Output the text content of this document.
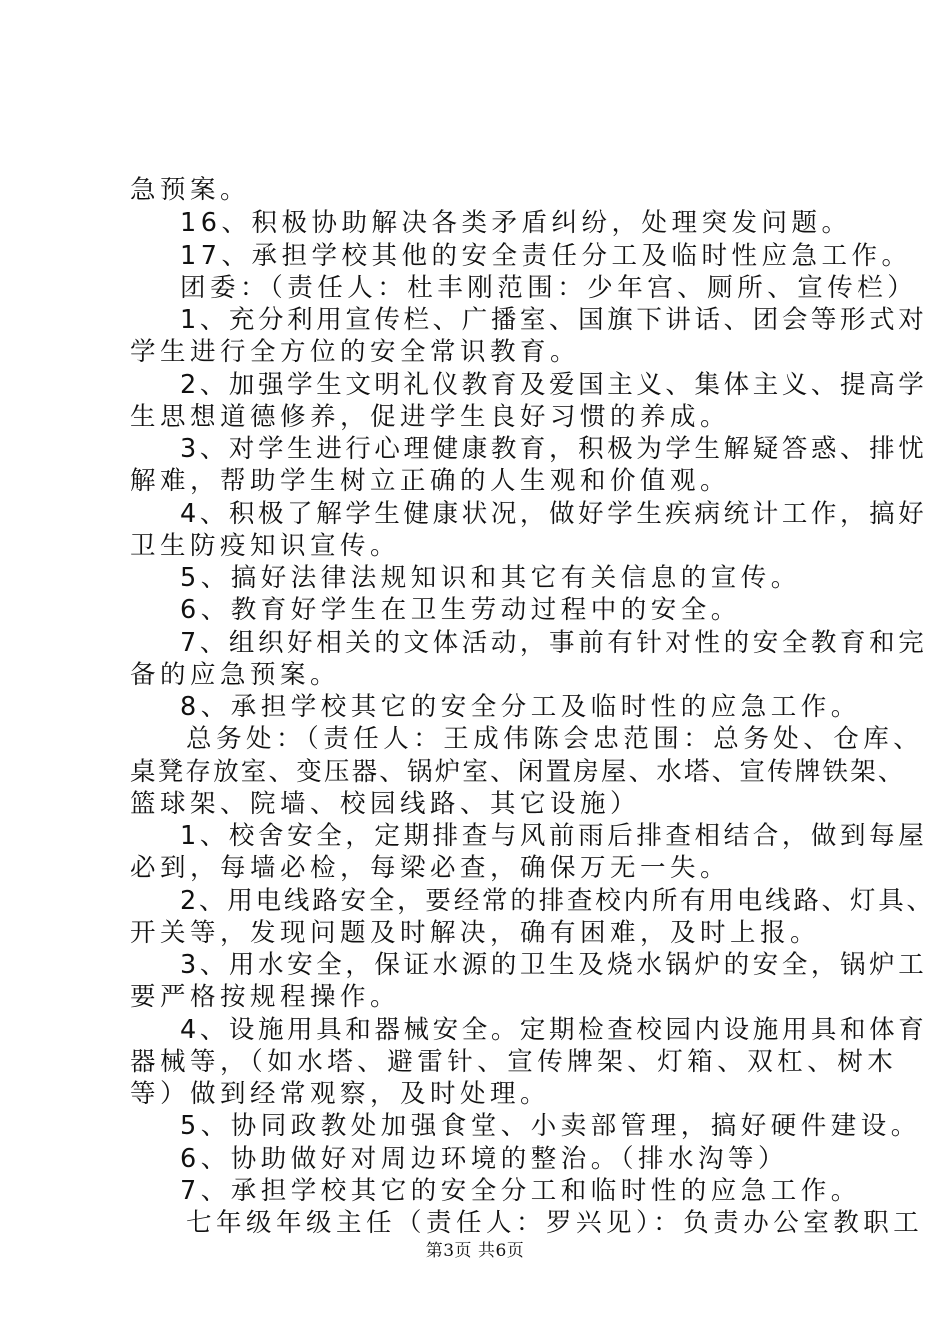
急预案。
16、积极协助解决各类矛盾纠纷，处理突发问题。
17、承担学校其他的安全责任分工及临时性应急工作。
团委：（责任人：杜丰刚范围：少年宫、厕所、宣传栏）
1、充分利用宣传栏、广播室、国旗下讲话、团会等形式对
学生进行全方位的安全常识教育。
2、加强学生文明礼仪教育及爱国主义、集体主义、提高学
生思想道德修养，促进学生良好习惯的养成。
3、对学生进行心理健康教育，积极为学生解疑答惑、排忧
解难，帮助学生树立正确的人生观和价值观。
4、积极了解学生健康状况，做好学生疾病统计工作，搞好
卫生防疫知识宣传。
5、搞好法律法规知识和其它有关信息的宣传。
6、教育好学生在卫生劳动过程中的安全。
7、组织好相关的文体活动，事前有针对性的安全教育和完
备的应急预案。
8、承担学校其它的安全分工及临时性的应急工作。
总务处：（责任人：王成伟陈会忠范围：总务处、仓库、
桌凳存放室、变压器、锅炉室、闲置房屋、水塔、宣传牌铁架、
篮球架、院墙、校园线路、其它设施）
1、校舍安全，定期排查与风前雨后排查相结合，做到每屋
必到，每墙必检，每梁必查，确保万无一失。
2、用电线路安全，要经常的排查校内所有用电线路、灯具、
开关等，发现问题及时解决，确有困难，及时上报。
3、用水安全，保证水源的卫生及烧水锅炉的安全，锅炉工
要严格按规程操作。
4、设施用具和器械安全。定期检查校园内设施用具和体育
器械等，（如水塔、避雷针、宣传牌架、灯箱、双杠、树木
等）做到经常观察，及时处理。
5、协同政教处加强食堂、小卖部管理，搞好硬件建设。
6、协助做好对周边环境的整治。（排水沟等）
7、承担学校其它的安全分工和临时性的应急工作。
七年级年级主任（责任人：罗兴见）：负责办公室教职工
第3页 共6页
